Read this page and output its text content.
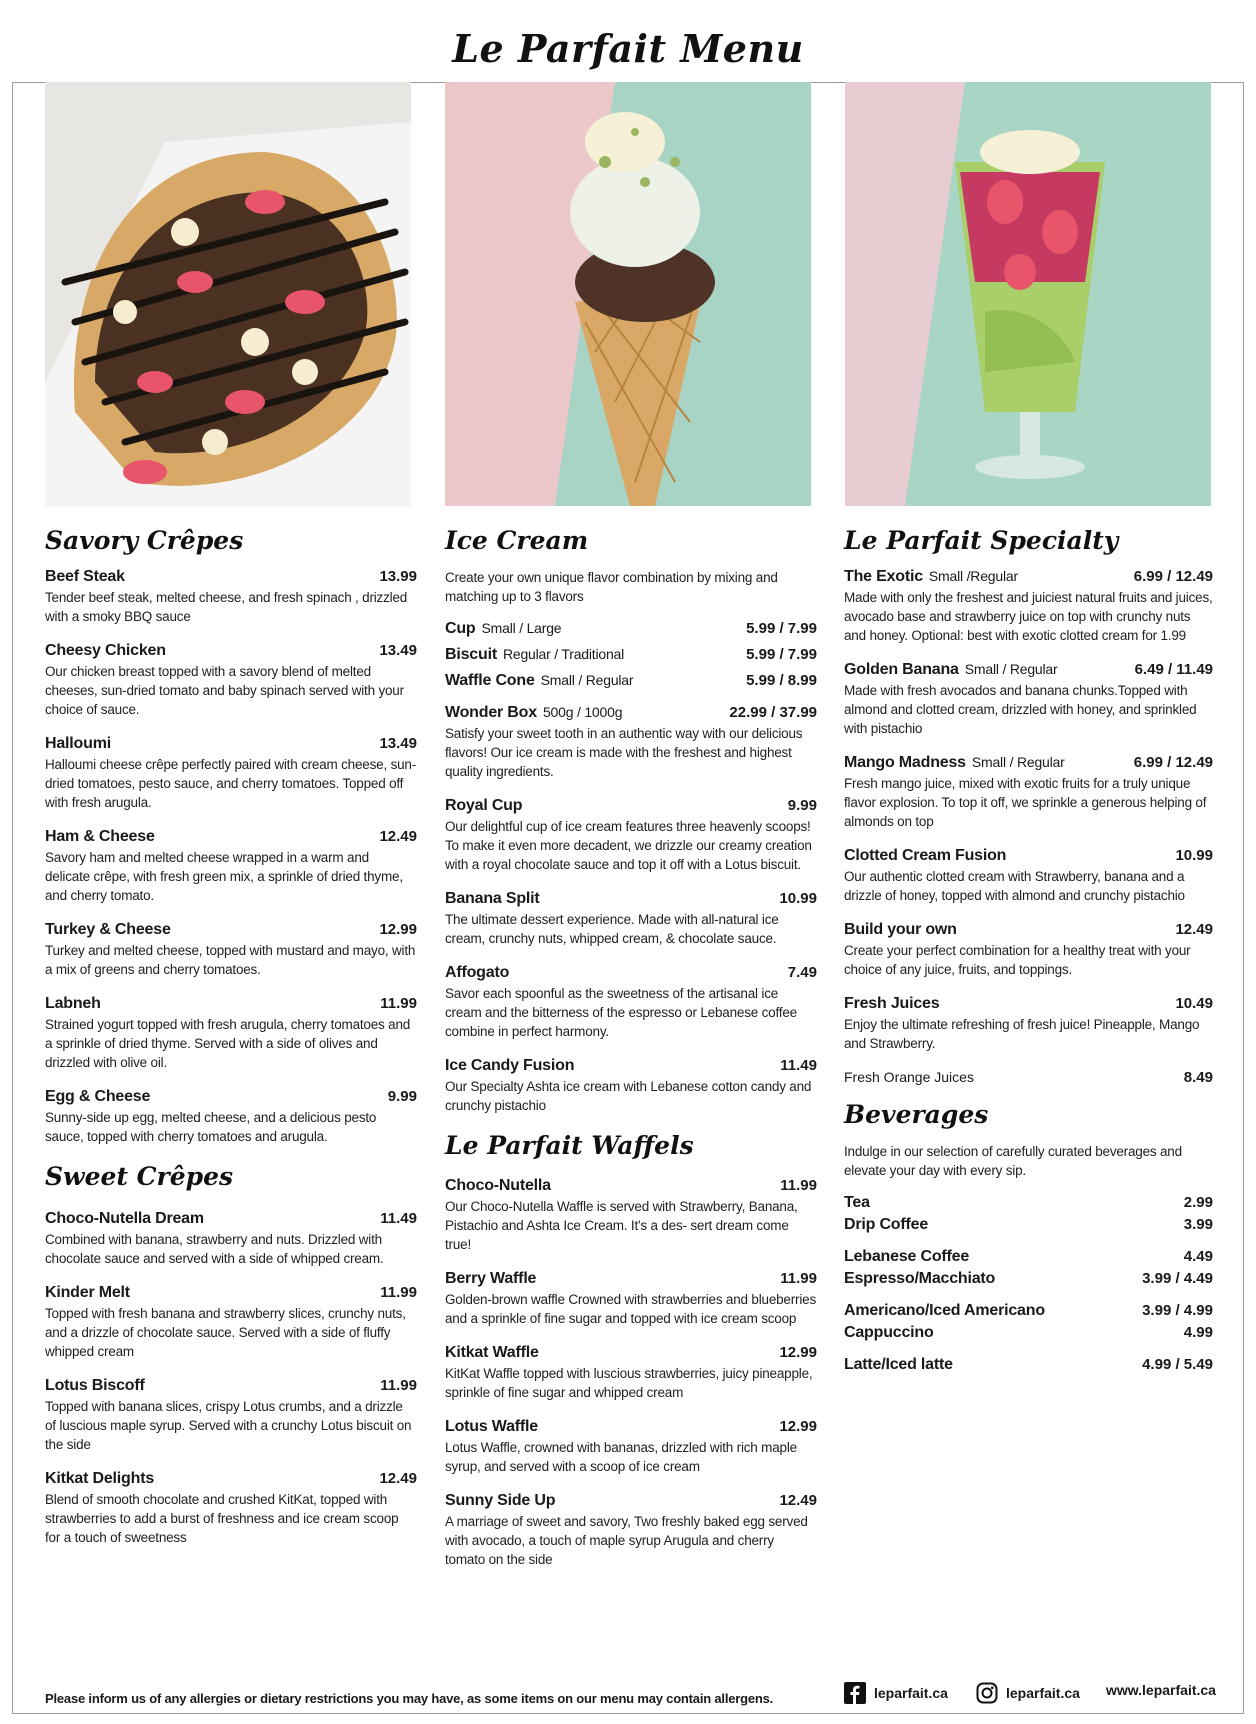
Le Parfait Menu
Savory Crêpes
Beef Steak	13.99
Tender beef steak, melted cheese, and fresh spinach , drizzled with a smoky BBQ sauce
Cheesy Chicken	13.49
Our chicken breast topped with a savory blend of melted cheeses, sun-dried tomato and baby spinach served with your choice of sauce.
Halloumi	13.49
Halloumi cheese crêpe perfectly paired with cream cheese, sun-dried tomatoes, pesto sauce, and cherry tomatoes. Topped off with fresh arugula.
Ham & Cheese	12.49
Savory ham and melted cheese wrapped in a warm and delicate crêpe, with fresh green mix, a sprinkle of dried thyme, and cherry tomato.
Turkey & Cheese	12.99
Turkey and melted cheese, topped with mustard and mayo, with a mix of greens and cherry tomatoes.
Labneh	11.99
Strained yogurt topped with fresh arugula, cherry tomatoes and a sprinkle of dried thyme. Served with a side of olives and drizzled with olive oil.
Egg & Cheese	9.99
Sunny-side up egg, melted cheese, and a delicious pesto sauce, topped with cherry tomatoes and arugula.
Sweet Crêpes
Choco-Nutella Dream	11.49
Combined with banana, strawberry and nuts. Drizzled with chocolate sauce and served with a side of whipped cream.
Kinder Melt	11.99
Topped with fresh banana and strawberry slices, crunchy nuts, and a drizzle of chocolate sauce. Served with a side of fluffy whipped cream
Lotus Biscoff	11.99
Topped with banana slices, crispy Lotus crumbs, and a drizzle of luscious maple syrup. Served with a crunchy Lotus biscuit on the side
Kitkat Delights	12.49
Blend of smooth chocolate and crushed KitKat, topped with strawberries to add a burst of freshness and ice cream scoop for a touch of sweetness
Ice Cream
Create your own unique flavor combination by mixing and matching up to 3 flavors
Cup Small / Large	5.99 / 7.99
Biscuit Regular / Traditional	5.99 / 7.99
Waffle Cone Small / Regular	5.99 / 8.99
Wonder Box 500g / 1000g	22.99 / 37.99
Satisfy your sweet tooth in an authentic way with our delicious flavors! Our ice cream is made with the freshest and highest quality ingredients.
Royal Cup	9.99
Our delightful cup of ice cream features three heavenly scoops! To make it even more decadent, we drizzle our creamy creation with a royal chocolate sauce and top it off with a Lotus biscuit.
Banana Split	10.99
The ultimate dessert experience. Made with all-natural ice cream, crunchy nuts, whipped cream, & chocolate sauce.
Affogato	7.49
Savor each spoonful as the sweetness of the artisanal ice cream and the bitterness of the espresso or Lebanese coffee combine in perfect harmony.
Ice Candy Fusion	11.49
Our Specialty Ashta ice cream with Lebanese cotton candy and crunchy pistachio
Le Parfait Waffels
Choco-Nutella	11.99
Our Choco-Nutella Waffle is served with Strawberry, Banana, Pistachio and Ashta Ice Cream. It's a des- sert dream come true!
Berry Waffle	11.99
Golden-brown waffle Crowned with strawberries and blueberries and a sprinkle of fine sugar and topped with ice cream scoop
Kitkat Waffle	12.99
KitKat Waffle topped with luscious strawberries, juicy pineapple, sprinkle of fine sugar and whipped cream
Lotus Waffle	12.99
Lotus Waffle, crowned with bananas, drizzled with rich maple syrup, and served with a scoop of ice cream
Sunny Side Up	12.49
A marriage of sweet and savory, Two freshly baked egg served with avocado, a touch of maple syrup Arugula and cherry tomato on the side
Le Parfait Specialty
The Exotic Small /Regular	6.99 / 12.49
Made with only the freshest and juiciest natural fruits and juices, avocado base and strawberry juice on top with crunchy nuts and honey. Optional: best with exotic clotted cream for 1.99
Golden Banana Small / Regular	6.49 / 11.49
Made with fresh avocados and banana chunks.Topped with almond and clotted cream, drizzled with honey, and sprinkled with pistachio
Mango Madness Small / Regular	6.99 / 12.49
Fresh mango juice, mixed with exotic fruits for a truly unique flavor explosion. To top it off, we sprinkle a generous helping of almonds on top
Clotted Cream Fusion	10.99
Our authentic clotted cream with Strawberry, banana and a drizzle of honey, topped with almond and crunchy pistachio
Build your own	12.49
Create your perfect combination for a healthy treat with your choice of any juice, fruits, and toppings.
Fresh Juices	10.49
Enjoy the ultimate refreshing of fresh juice! Pineapple, Mango and Strawberry.
Fresh Orange Juices	8.49
Beverages
Indulge in our selection of carefully curated beverages and elevate your day with every sip.
Tea	2.99
Drip Coffee	3.99
Lebanese Coffee	4.49
Espresso/Macchiato	3.99 / 4.49
Americano/Iced Americano	3.99 / 4.99
Cappuccino	4.99
Latte/Iced latte	4.99 / 5.49
Please inform us of any allergies or dietary restrictions you may have, as some items on our menu may contain allergens.	leparfait.ca	leparfait.ca www.leparfait.ca
